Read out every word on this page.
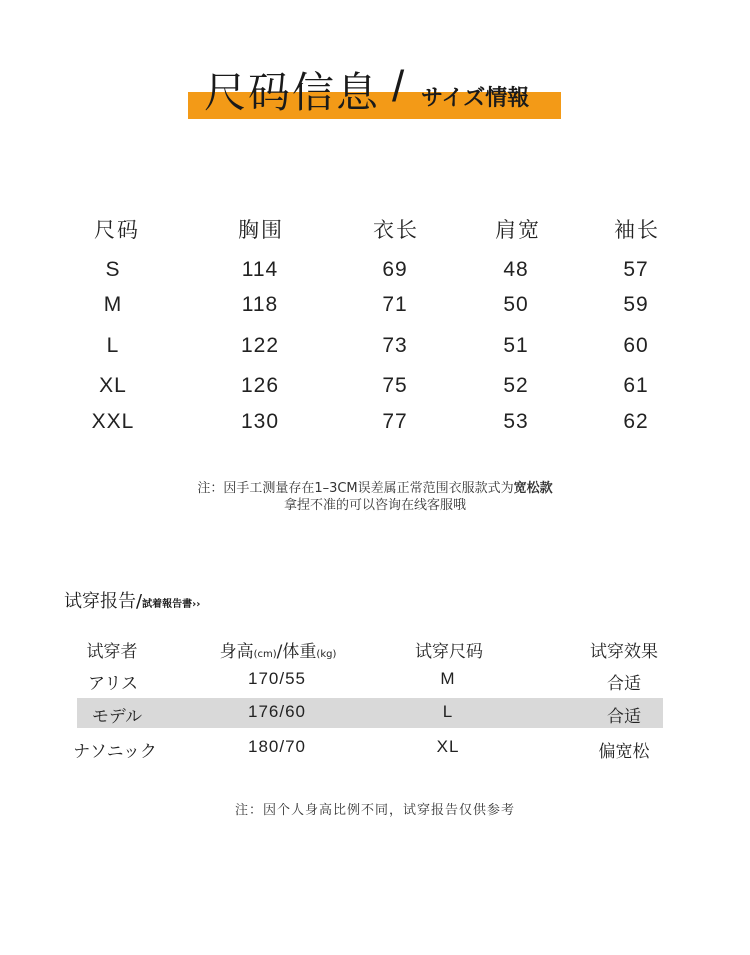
尺码信息 / サイズ情報
尺码	胸围	衣长	肩宽	袖长
S	114	69	48	57
M	118	71	50	59
L	122	73	51	60
XL	126	75	52	61
XXL	130	77	53	62
注：因手工测量存在1–3CM误差属正常范围衣服款式为宽松款
拿捏不准的可以咨询在线客服哦
试穿报告/試着報告書››
试穿者	身高(cm)/体重(kg)	试穿尺码	试穿效果
アリス	170/55	M	合适
モデル	176/60	L	合适
ナソニック	180/70	XL	偏宽松
注：因个人身高比例不同，试穿报告仅供参考
